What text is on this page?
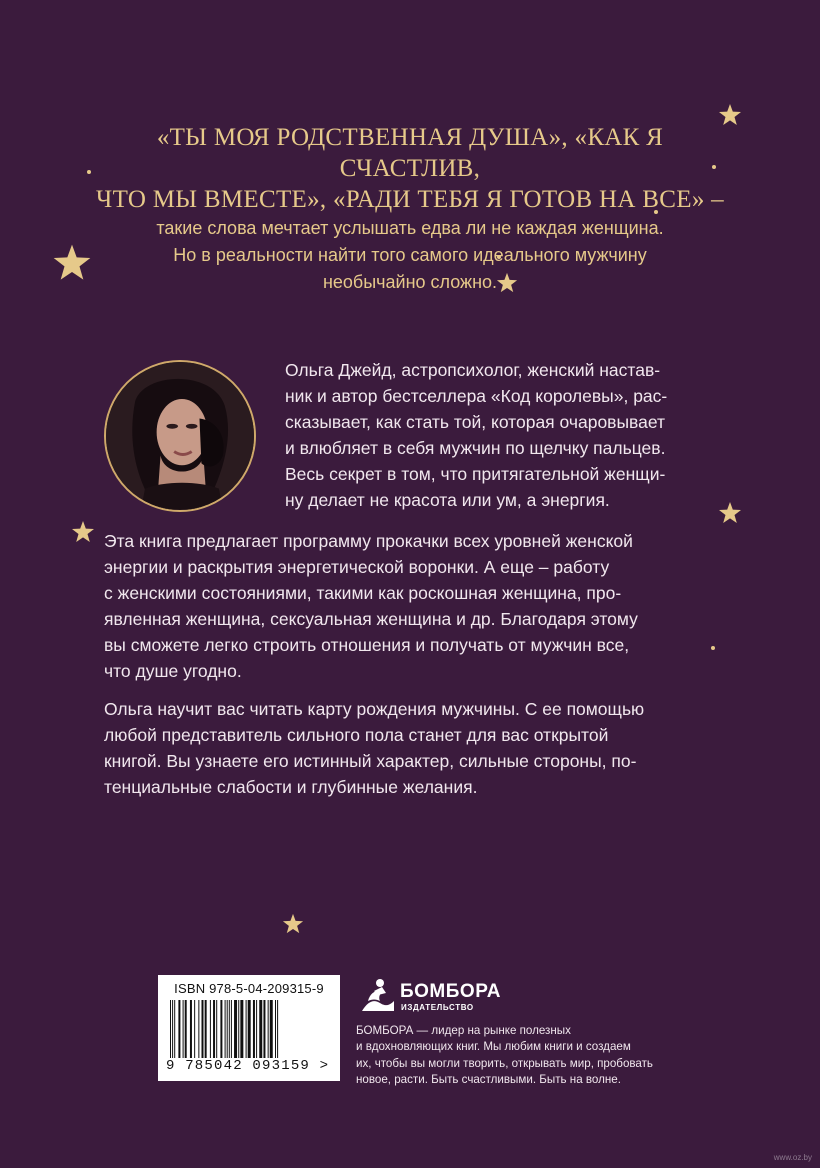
«ТЫ МОЯ РОДСТВЕННАЯ ДУША», «КАК Я СЧАСТЛИВ,
ЧТО МЫ ВМЕСТЕ», «РАДИ ТЕБЯ Я ГОТОВ НА ВСЕ» –
такие слова мечтает услышать едва ли не каждая женщина.
Но в реальности найти того самого идеального мужчину
необычайно сложно.
Ольга Джейд, астропсихолог, женский настав-
ник и автор бестселлера «Код королевы», рас-
сказывает, как стать той, которая очаровывает
и влюбляет в себя мужчин по щелчку пальцев.
Весь секрет в том, что притягательной женщи-
ну делает не красота или ум, а энергия.
Эта книга предлагает программу прокачки всех уровней женской
энергии и раскрытия энергетической воронки. А еще – работу
с женскими состояниями, такими как роскошная женщина, про-
явленная женщина, сексуальная женщина и др. Благодаря этому
вы сможете легко строить отношения и получать от мужчин все,
что душе угодно.
Ольга научит вас читать карту рождения мужчины. С ее помощью
любой представитель сильного пола станет для вас открытой
книгой. Вы узнаете его истинный характер, сильные стороны, по-
тенциальные слабости и глубинные желания.
ISBN 978-5-04-209315-9
9 785042 093159 >
БОМБОРА
ИЗДАТЕЛЬСТВО
БОМБОРА — лидер на рынке полезных
и вдохновляющих книг. Мы любим книги и создаем
их, чтобы вы могли творить, открывать мир, пробовать
новое, расти. Быть счастливыми. Быть на волне.
www.oz.by
